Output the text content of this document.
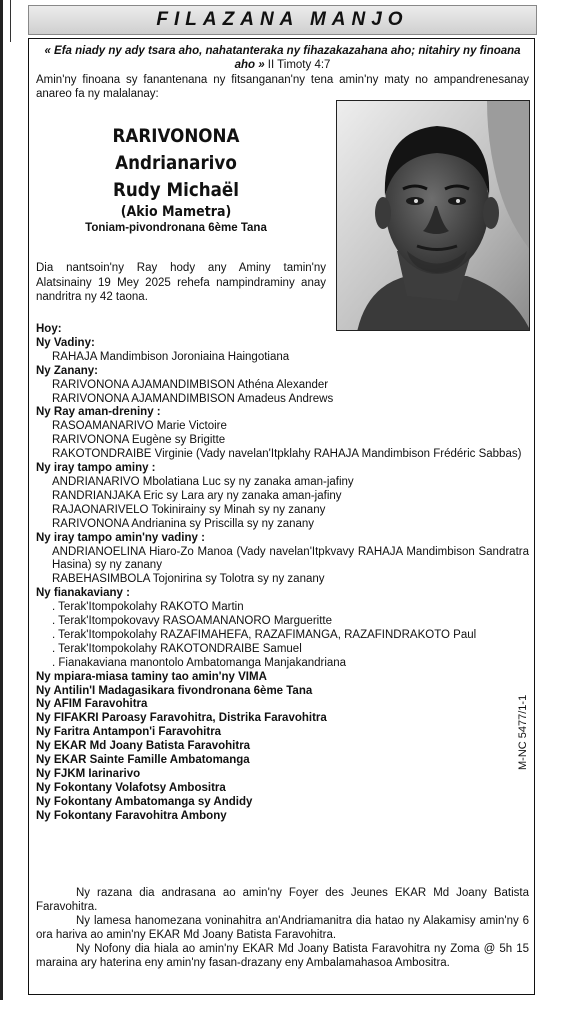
FILAZANA MANJO
« Efa niady ny ady tsara aho, nahatanteraka ny fihazakazahana aho; nitahiry ny finoana aho » II Timoty 4:7
Amin'ny finoana sy fanantenana ny fitsanganan'ny tena amin'ny maty no ampandrenesanay anareo fa ny malalanay:
RARIVONONA
Andrianarivo
Rudy Michaël
(Akio Mametra)
Toniam-pivondronana 6ème Tana
Dia nantsoin'ny Ray hody any Aminy tamin'ny Alatsinainy 19 Mey 2025 rehefa nampindraminy anay nandritra ny 42 taona.
Hoy:
Ny Vadiny:
RAHAJA Mandimbison Joroniaina Haingotiana
Ny Zanany:
RARIVONONA AJAMANDIMBISON Athéna Alexander
RARIVONONA AJAMANDIMBISON Amadeus Andrews
Ny Ray aman-dreniny :
RASOAMANARIVO Marie Victoire
RARIVONONA Eugène sy Brigitte
RAKOTONDRAIBE Virginie (Vady navelan'Itpklahy RAHAJA Mandimbison Frédéric Sabbas)
Ny iray tampo aminy :
ANDRIANARIVO Mbolatiana Luc sy ny zanaka aman-jafiny
RANDRIANJAKA Eric sy Lara ary ny zanaka aman-jafiny
RAJAONARIVELO Tokinirainy sy Minah sy ny zanany
RARIVONONA Andrianina sy Priscilla sy ny zanany
Ny iray tampo amin'ny vadiny :
ANDRIANOELINA Hiaro-Zo Manoa (Vady navelan'Itpkvavy RAHAJA Mandimbison Sandratra Hasina) sy ny zanany
RABEHASIMBOLA Tojonirina sy Tolotra sy ny zanany
Ny fianakaviany :
. Terak'Itompokolahy RAKOTO Martin
. Terak'Itompokovavy RASOAMANANORO Margueritte
. Terak'Itompokolahy RAZAFIMAHEFA, RAZAFIMANGA, RAZAFINDRAKOTO Paul
. Terak'Itompokolahy RAKOTONDRAIBE Samuel
. Fianakaviana manontolo Ambatomanga Manjakandriana
Ny mpiara-miasa taminy tao amin'ny VIMA
Ny Antilin'I Madagasikara fivondronana 6ème Tana
Ny AFIM Faravohitra
Ny FIFAKRI Paroasy Faravohitra, Distrika Faravohitra
Ny Faritra Antampon'i Faravohitra
Ny EKAR Md Joany Batista Faravohitra
Ny EKAR Sainte Famille Ambatomanga
Ny FJKM Iarinarivo
Ny Fokontany Volafotsy Ambositra
Ny Fokontany Ambatomanga sy Andidy
Ny Fokontany Faravohitra Ambony
M-NC 5477/1-1

Ny razana dia andrasana ao amin'ny Foyer des Jeunes EKAR Md Joany Batista Faravohitra.

Ny lamesa hanomezana voninahitra an'Andriamanitra dia hatao ny Alakamisy amin'ny 6 ora hariva ao amin'ny EKAR Md Joany Batista Faravohitra.

Ny Nofony dia hiala ao amin'ny EKAR Md Joany Batista Faravohitra ny Zoma @ 5h 15 maraina ary haterina eny amin'ny fasan-drazany eny Ambalamahasoa Ambositra.
